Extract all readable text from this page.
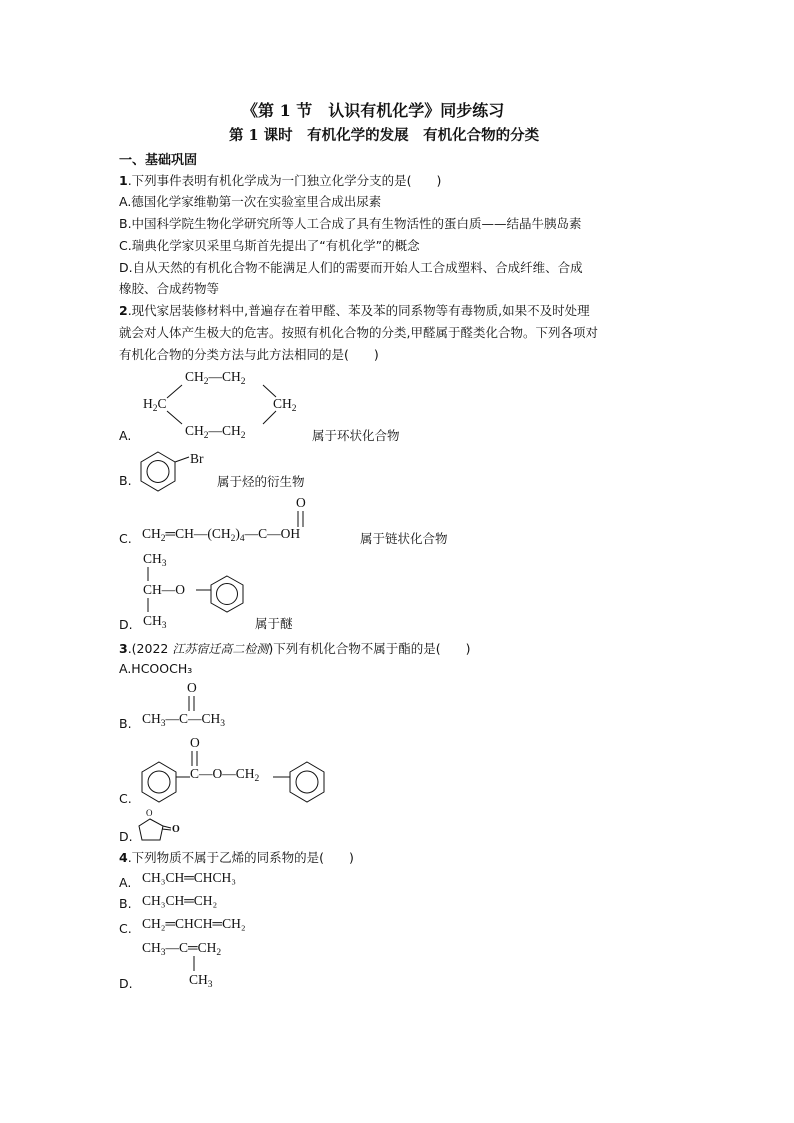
《第 1 节　认识有机化学》同步练习
第 1 课时　有机化学的发展　有机化合物的分类
一、基础巩固
1.下列事件表明有机化学成为一门独立化学分支的是(　　)
A.德国化学家维勒第一次在实验室里合成出尿素
B.中国科学院生物化学研究所等人工合成了具有生物活性的蛋白质——结晶牛胰岛素
C.瑞典化学家贝采里乌斯首先提出了“有机化学”的概念
D.自从天然的有机化合物不能满足人们的需要而开始人工合成塑料、合成纤维、合成
橡胶、合成药物等
2.现代家居装修材料中,普遍存在着甲醛、苯及苯的同系物等有毒物质,如果不及时处理
就会对人体产生极大的危害。按照有机化合物的分类,甲醛属于醛类化合物。下列各项对
有机化合物的分类方法与此方法相同的是(　　)
$CH_2—CH_2$
$H_2C$	$CH_2$
$CH_2—CH_2$
A.	属于环状化合物
Br
B.	属于烃的衍生物
O
$CH_2═CH—(CH_2)_4—C—OH$
C.	属于链状化合物
$CH_3$
CH—O
$CH_3$
D.	属于醚
3.(2022 江苏宿迁高二检测)下列有机化合物不属于酯的是(　　)
A.HCOOCH₃
O
$CH_3—C—CH_3$
B.
O
$C—O—CH_2$
C.
O
O
D.
4.下列物质不属于乙烯的同系物的是(　　)
A. CH₃CH═CHCH₃
B. CH₃CH═CH₂
C. CH₂═CHCH═CH₂
$CH_3—C═CH_2$
$CH_3$
D.
